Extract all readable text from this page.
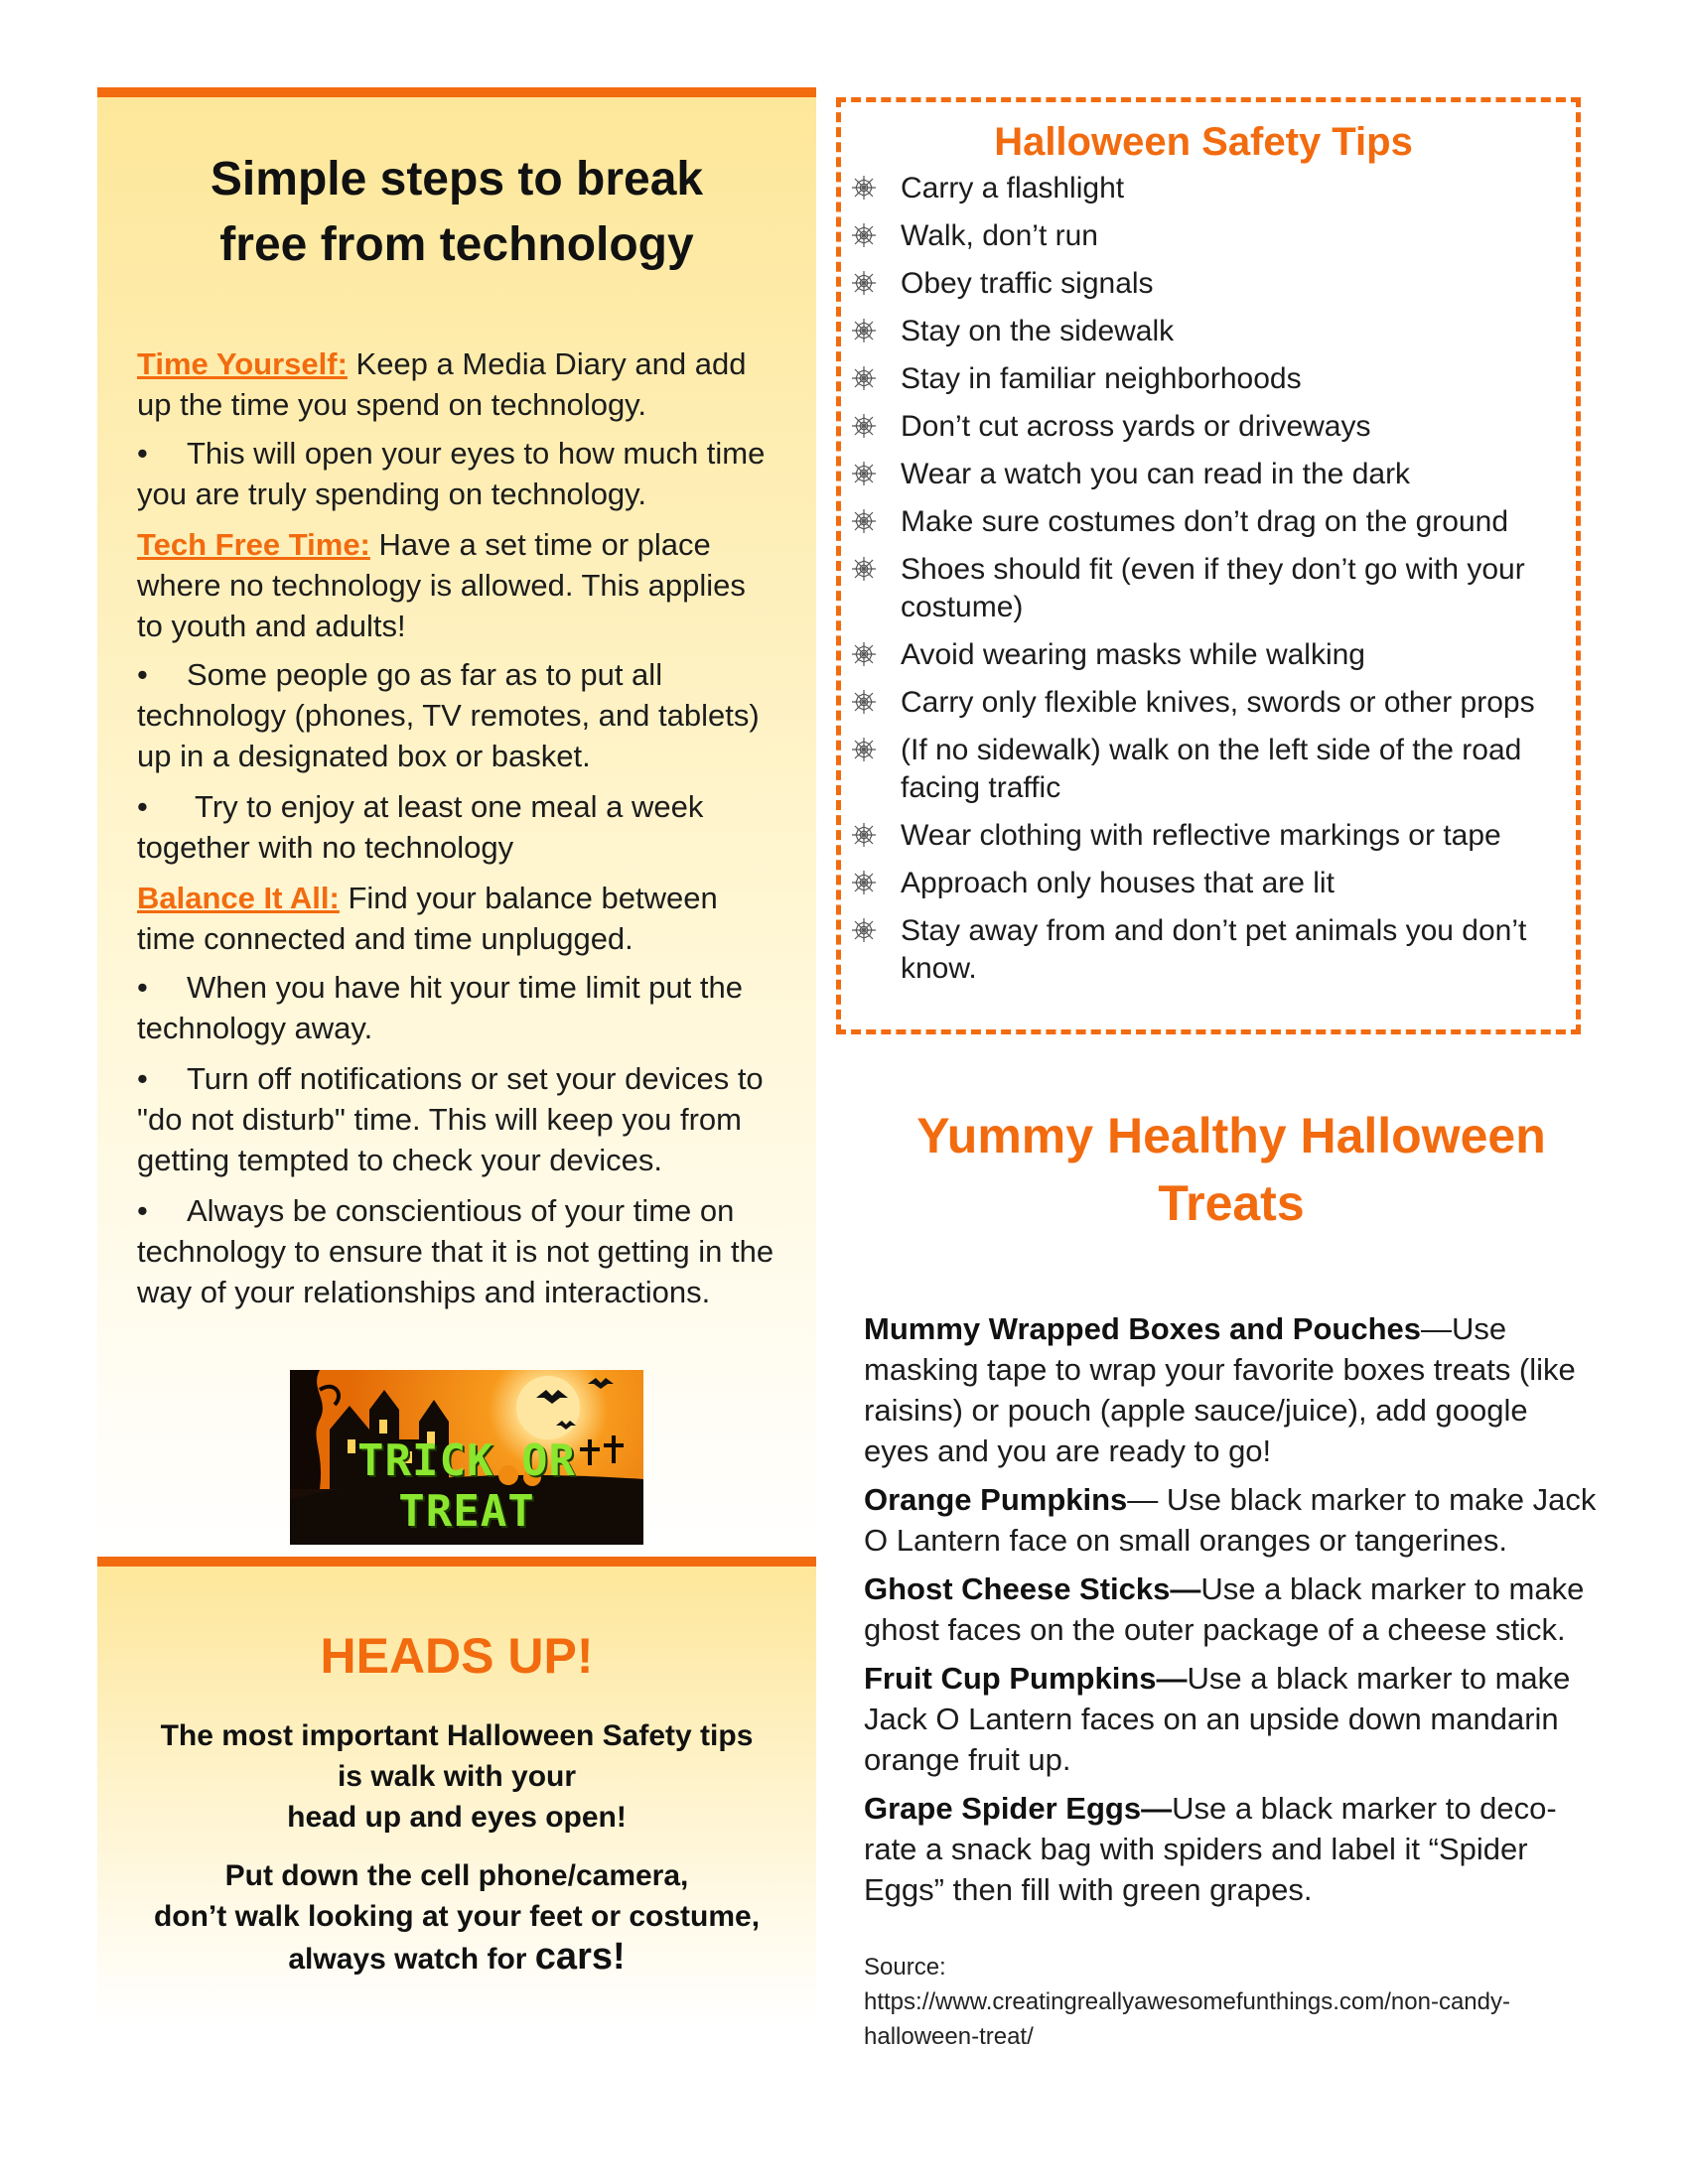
Simple steps to break
free from technology

Time Yourself: Keep a Media Diary and add up the time you spend on technology.

• This will open your eyes to how much time you are truly spending on technology.

Tech Free Time: Have a set time or place where no technology is allowed. This applies to youth and adults!

• Some people go as far as to put all technology (phones, TV remotes, and tablets) up in a designated box or basket.

• Try to enjoy at least one meal a week together with no technology

Balance It All: Find your balance between time connected and time unplugged.

• When you have hit your time limit put the technology away.

• Turn off notifications or set your devices to "do not disturb" time. This will keep you from getting tempted to check your devices.

• Always be conscientious of your time on technology to ensure that it is not getting in the way of your relationships and interactions.

TRICK OR TREAT
HEADS UP!

The most important Halloween Safety tips

is walk with your

head up and eyes open!

Put down the cell phone/camera,

don’t walk looking at your feet or costume,

always watch for cars!

Halloween Safety Tips
Carry a flashlight
Walk, don’t run
Obey traffic signals
Stay on the sidewalk
Stay in familiar neighborhoods
Don’t cut across yards or driveways
Wear a watch you can read in the dark
Make sure costumes don’t drag on the ground
Shoes should fit (even if they don’t go with your costume)
Avoid wearing masks while walking
Carry only flexible knives, swords or other props
(If no sidewalk) walk on the left side of the road facing traffic
Wear clothing with reflective markings or tape
Approach only houses that are lit
Stay away from and don’t pet animals you don’t know.
Yummy Healthy Halloween
Treats

Mummy Wrapped Boxes and Pouches—Use masking tape to wrap your favorite boxes treats (like raisins) or pouch (apple sauce/juice), add google eyes and you are ready to go!

Orange Pumpkins— Use black marker to make Jack O Lantern face on small oranges or tangerines.

Ghost Cheese Sticks—Use a black marker to make ghost faces on the outer package of a cheese stick.

Fruit Cup Pumpkins—Use a black marker to make Jack O Lantern faces on an upside down mandarin orange fruit up.

Grape Spider Eggs—Use a black marker to deco-rate a snack bag with spiders and label it “Spider Eggs” then fill with green grapes.

Source:
https://www.creatingreallyawesomefunthings.com/non-candy-halloween-treat/
